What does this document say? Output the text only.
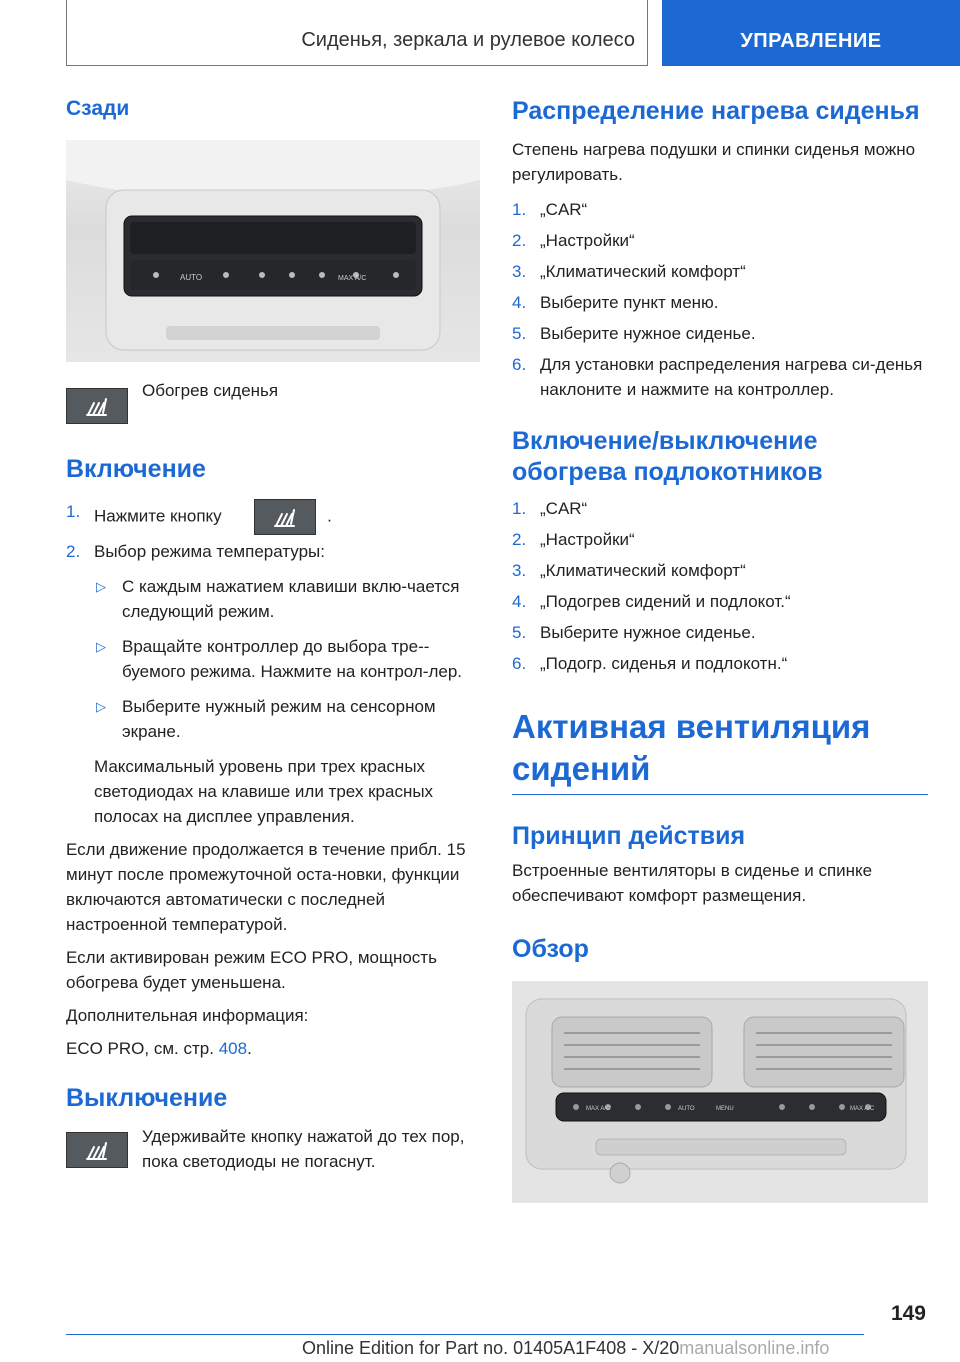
Сиденья, зеркала и рулевое колесо	УПРАВЛЕНИЕ
Сзади
AUTO	MAX A/C

Обогрев сиденья

Включение
1. Нажмите кнопку	.
2. Выбор режима температуры:
▷ С каждым нажатием клавиши вклю-чается следующий режим.
▷ Вращайте контроллер до выбора тре-буемого режима. Нажмите на контрол-лер.
▷ Выберите нужный режим на сенсорном экране.

Максимальный уровень при трех красных светодиодах на клавише или трех красных полосах на дисплее управления.

Если движение продолжается в течение прибл. 15 минут после промежуточной оста-новки, функции включаются автоматически с последней настроенной температурой.

Если активирован режим ECO PRO, мощность обогрева будет уменьшена.

Дополнительная информация:

ECO PRO, см. стр. 408.

Выключение

Удерживайте кнопку нажатой до тех пор, пока светодиоды не погаснут.

Распределение нагрева сиденья

Степень нагрева подушки и спинки сиденья можно регулировать.

1. „CAR“
2. „Настройки“
3. „Климатический комфорт“
4. Выберите пункт меню.
5. Выберите нужное сиденье.
6. Для установки распределения нагрева си-денья наклоните и нажмите на контроллер.
Включение/выключение обогрева подлокотников
1. „CAR“
2. „Настройки“
3. „Климатический комфорт“
4. „Подогрев сидений и подлокот.“
5. Выберите нужное сиденье.
6. „Подогр. сиденья и подлокотн.“
Активная вентиляция сидений
Принцип действия

Встроенные вентиляторы в сиденье и спинке обеспечивают комфорт размещения.

Обзор
MAX A/C	AUTO	MENU	MAX A/C
149
Online Edition for Part no. 01405A1F408 - X/20manualsonline.info
